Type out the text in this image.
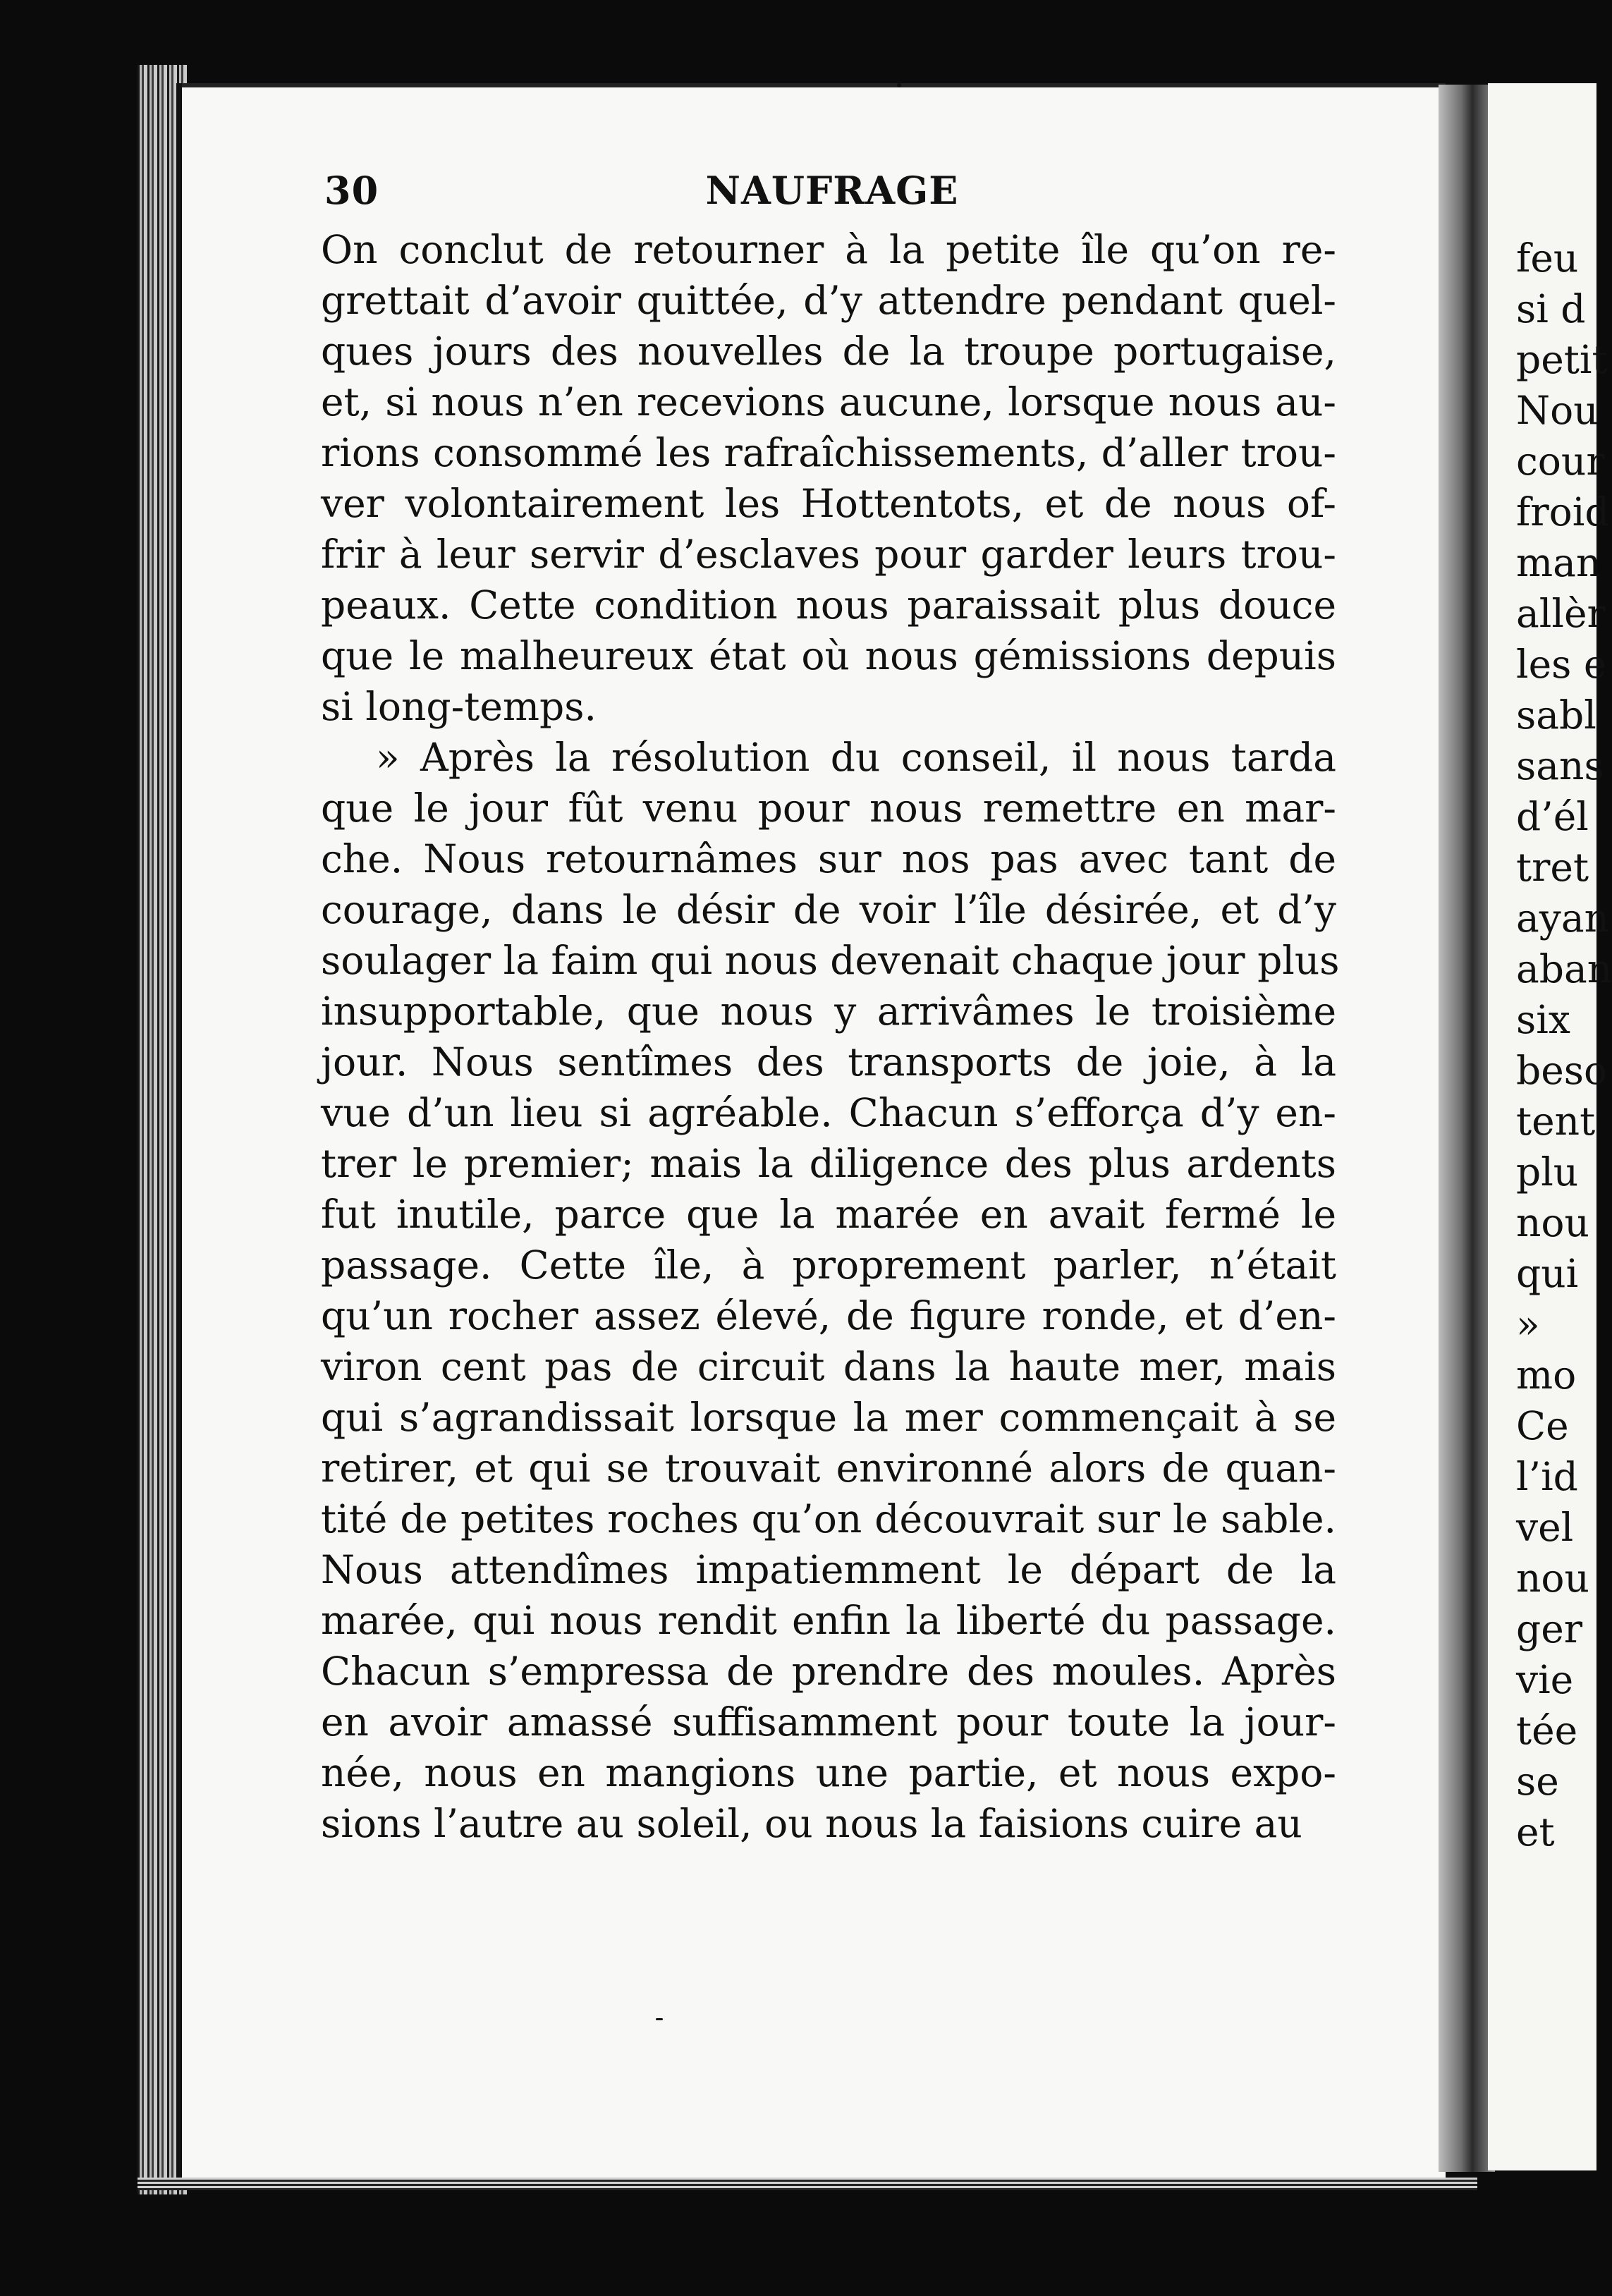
30	NAUFRAGE
On conclut de retourner à la petite île qu’on re-
grettait d’avoir quittée, d’y attendre pendant quel-
ques jours des nouvelles de la troupe portugaise,
et, si nous n’en recevions aucune, lorsque nous au-
rions consommé les rafraîchissements, d’aller trou-
ver volontairement les Hottentots, et de nous of-
frir à leur servir d’esclaves pour garder leurs trou-
peaux. Cette condition nous paraissait plus douce
que le malheureux état où nous gémissions depuis
si long-temps.
» Après la résolution du conseil, il nous tarda
que le jour fût venu pour nous remettre en mar-
che. Nous retournâmes sur nos pas avec tant de
courage, dans le désir de voir l’île désirée, et d’y
soulager la faim qui nous devenait chaque jour plus
insupportable, que nous y arrivâmes le troisième
jour. Nous sentîmes des transports de joie, à la
vue d’un lieu si agréable. Chacun s’efforça d’y en-
trer le premier; mais la diligence des plus ardents
fut inutile, parce que la marée en avait fermé le
passage. Cette île, à proprement parler, n’était
qu’un rocher assez élevé, de figure ronde, et d’en-
viron cent pas de circuit dans la haute mer, mais
qui s’agrandissait lorsque la mer commençait à se
retirer, et qui se trouvait environné alors de quan-
tité de petites roches qu’on découvrait sur le sable.
Nous attendîmes impatiemment le départ de la
marée, qui nous rendit enfin la liberté du passage.
Chacun s’empressa de prendre des moules. Après
en avoir amassé suffisamment pour toute la jour-
née, nous en mangions une partie, et nous expo-
sions l’autre au soleil, ou nous la faisions cuire au
feu
si d
petit
Nou
cour
froid
man
allèr
les e
sabl
sans
d’él
tret
ayan
aban
six
beso
tent
plu
nou
qui
»
mo
Ce
l’id
vel
nou
ger
vie
tée
se
et
